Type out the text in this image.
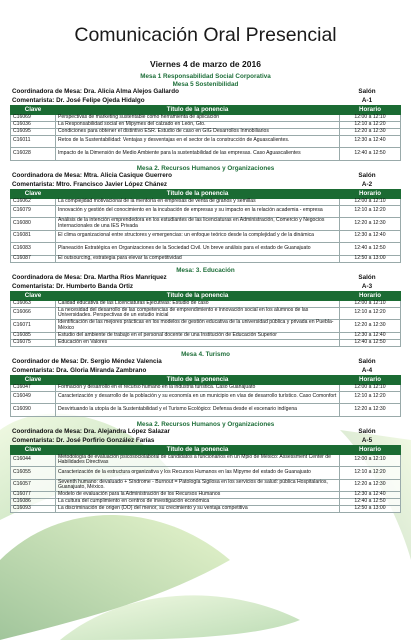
Comunicación Oral Presencial
Viernes 4 de marzo de 2016
Mesa 1 Responsabilidad Social Corporativa
Mesa 5 Sostenibilidad
Coordinadora de Mesa: Dra. Alicia Alma Alejos Gallardo	Salón
Comentarista: Dr. José Felipe Ojeda Hidalgo	A-1
Clave	Título de la ponencia	Horario
C16069	Perspectivas de marketing sustentable como herramienta de aplicación	12:00 a 12:10
C16036	La Responsabilidad social en Mipymes del calzado en León, Gto.	12:10 a 12:20
C16095	Condiciones para obtener el distintivo ESR. Estudio de caso en GIG Desarrollos Inmobiliarios	12:20 a 12:30
C16011	Retos de la Sustentabilidad: Ventajas y desventajas en el sector de la construcción de Aguascalientes.	12:30 a 12:40
C16028	Impacto de la Dimensión de Medio Ambiente para la sustentabilidad de las empresas. Caso Aguascalientes	12:40 a 12:50
Mesa 2. Recursos Humanos y Organizaciones
Coordinadora de Mesa: Mtra. Alicia Casique Guerrero	Salón
Comentarista: Mtro. Francisco Javier López Chánez	A-2
Clave	Título de la ponencia	Horario
C16062	La complejidad motivacional de la mentoría en empresas de venta de granos y semillas	12:00 a 12:10
C16079	Innovación y gestión del conocimiento en la incubación de empresas y su impacto en la relación academia - empresa	12:10 a 12:20
C16080	Análisis de la intención emprendedora en los estudiantes de las licenciaturas en Administración, Comercio y Negocios Internacionales de una IES Privada	12:20 a 12:30
C16081	El clima organizacional entre structores y emergencias: un enfoque teórico desde la complejidad y de la dinámica	12:30 a 12:40
C16083	Planeación Estratégica en Organizaciones de la Sociedad Civil. Un breve análisis para el estado de Guanajuato	12:40 a 12:50
C16087	El outsourcing, estrategia para elevar la competitividad	12:50 a 13:00
Mesa: 3. Educación
Coordinadora de Mesa: Dra. Martha Ríos Manríquez	Salón
Comentarista: Dr. Humberto Banda Ortiz	A-3
Clave	Título de la ponencia	Horario
C16063	Calidad educativa de las Licenciaturas Ejecutivas: Estudio de caso	12:00 a 12:10
C16066	La necesidad del desarrollo de las competencias de emprendimiento e innovación social en los alumnos de las Universidades. Perspectivas de un estudio inicial	12:10 a 12:20
C16071	Identificación de las mejores prácticas en los modelos de gestión educativa de la universidad pública y privada en Puebla-México	12:20 a 12:30
C16085	Estudio del ambiente de trabajo en el personal docente de una Institución de Educación Superior	12:30 a 12:40
C16075	Educación en Valores	12:40 a 12:50
Mesa 4. Turismo
Coordinador de Mesa: Dr. Sergio Méndez Valencia	Salón
Comentarista: Dra. Gloria Miranda Zambrano	A-4
Clave	Título de la ponencia	Horario
C16047	Formación y desarrollo en el recurso humano en la industria turística. Caso Guanajuato	12:00 a 12:10
C16049	Caracterización y desarrollo de la población y su economía en un municipio en vías de desarrollo turístico. Caso Comonfort	12:10 a 12:20
C16090	Desvirtuando la utopía de la Sustentabilidad y el Turismo Ecológico: Defensa desde el escenario indígena	12:20 a 12:30
Mesa 2. Recursos Humanos y Organizaciones
Coordinadora de Mesa: Dra. Alejandra López Salazar	Salón
Comentarista: Dr. José Porfirio González Farías	A-5
Clave	Título de la ponencia	Horario
C16044	Metodología de evaluación psicosociolaboral de candidatos a funcionarios en un Mpio de México: Assessment Center de Habilidades Directivas	12:00 a 12:10
C16055	Caracterización de la estructura organizativa y los Recursos Humanos en las Mipyme del estado de Guanajuato	12:10 a 12:20
C16057	Seventh humano: devaluado + Síndrome - Burnout = Patología Sigilosa en los servicios de salud: pública Hospitalarios, Guanajuato, México.	12:20 a 12:30
C16077	Modelo de evaluación para la Administración de los Recursos Humanos	12:30 a 12:40
C16086	La cultura del cumplimiento en centros de investigación económica	12:40 a 12:50
C16093	La discriminación de origen (DO) del menor, su crecimiento y su ventaja competitiva	12:50 a 13:00
